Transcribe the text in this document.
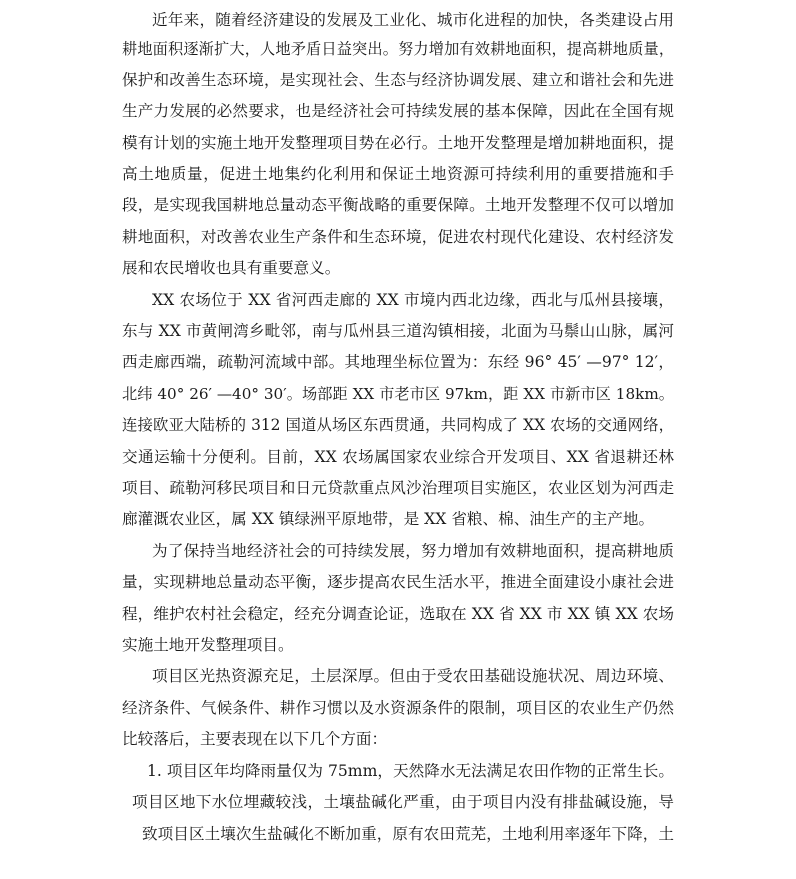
近年来，随着经济建设的发展及工业化、城市化进程的加快，各类建设占用
耕地面积逐渐扩大，人地矛盾日益突出。努力增加有效耕地面积，提高耕地质量，
保护和改善生态环境，是实现社会、生态与经济协调发展、建立和谐社会和先进
生产力发展的必然要求，也是经济社会可持续发展的基本保障，因此在全国有规
模有计划的实施土地开发整理项目势在必行。土地开发整理是增加耕地面积，提
高土地质量，促进土地集约化利用和保证土地资源可持续利用的重要措施和手
段，是实现我国耕地总量动态平衡战略的重要保障。土地开发整理不仅可以增加
耕地面积，对改善农业生产条件和生态环境，促进农村现代化建设、农村经济发
展和农民增收也具有重要意义。
XX 农场位于 XX 省河西走廊的 XX 市境内西北边缘，西北与瓜州县接壤，
东与 XX 市黄闸湾乡毗邻，南与瓜州县三道沟镇相接，北面为马鬃山山脉，属河
西走廊西端，疏勒河流域中部。其地理坐标位置为：东经 96° 45′ —97° 12′，
北纬 40° 26′ —40° 30′。场部距 XX 市老市区 97km，距 XX 市新市区 18km。
连接欧亚大陆桥的 312 国道从场区东西贯通，共同构成了 XX 农场的交通网络，
交通运输十分便利。目前，XX 农场属国家农业综合开发项目、XX 省退耕还林
项目、疏勒河移民项目和日元贷款重点风沙治理项目实施区，农业区划为河西走
廊灌溉农业区，属 XX 镇绿洲平原地带，是 XX 省粮、棉、油生产的主产地。
为了保持当地经济社会的可持续发展，努力增加有效耕地面积，提高耕地质
量，实现耕地总量动态平衡，逐步提高农民生活水平，推进全面建设小康社会进
程，维护农村社会稳定，经充分调查论证，选取在 XX 省 XX 市 XX 镇 XX 农场
实施土地开发整理项目。
项目区光热资源充足，土层深厚。但由于受农田基础设施状况、周边环境、
经济条件、气候条件、耕作习惯以及水资源条件的限制，项目区的农业生产仍然
比较落后，主要表现在以下几个方面：
1. 项目区年均降雨量仅为 75mm，天然降水无法满足农田作物的正常生长。
项目区地下水位埋藏较浅，土壤盐碱化严重，由于项目内没有排盐碱设施，导
致项目区土壤次生盐碱化不断加重，原有农田荒芜，土地利用率逐年下降，土
